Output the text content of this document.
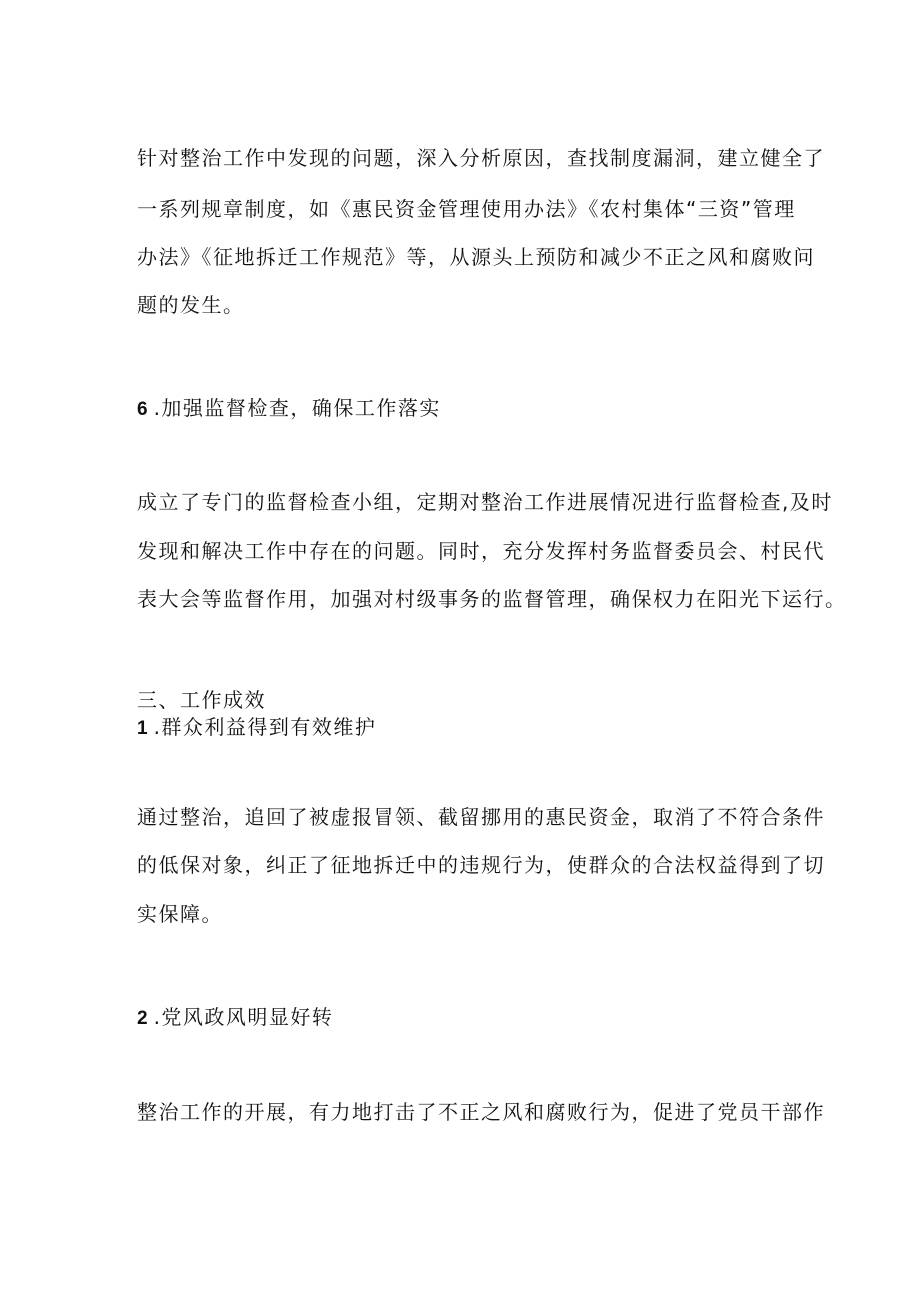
针对整治工作中发现的问题，深入分析原因，查找制度漏洞，建立健全了
一系列规章制度，如《惠民资金管理使用办法》《农村集体“三资”管理
办法》《征地拆迁工作规范》等，从源头上预防和减少不正之风和腐败问
题的发生。
6 .加强监督检查，确保工作落实
成立了专门的监督检查小组，定期对整治工作进展情况进行监督检查,及时
发现和解决工作中存在的问题。同时，充分发挥村务监督委员会、村民代
表大会等监督作用，加强对村级事务的监督管理，确保权力在阳光下运行。
三、工作成效
1 .群众利益得到有效维护
通过整治，追回了被虚报冒领、截留挪用的惠民资金，取消了不符合条件
的低保对象，纠正了征地拆迁中的违规行为，使群众的合法权益得到了切
实保障。
2 .党风政风明显好转
整治工作的开展，有力地打击了不正之风和腐败行为，促进了党员干部作
